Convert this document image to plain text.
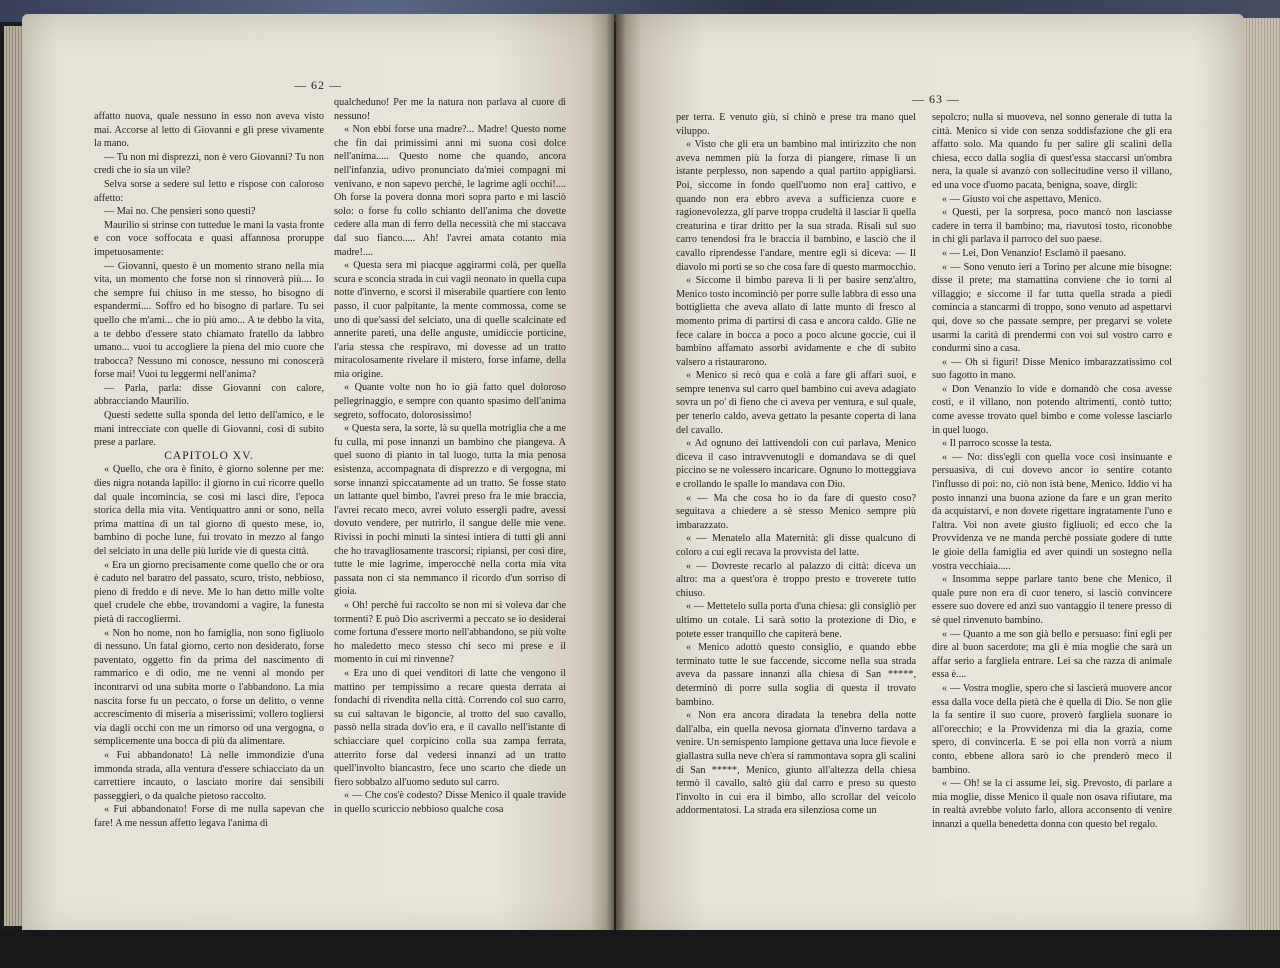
— 62 —

affatto nuova, quale nessuno in esso non aveva visto mai. Accorse al letto di Giovanni e gli prese vivamente la mano.

— Tu non mi disprezzi, non è vero Giovanni? Tu non credi che io sia un vile?

Selva sorse a sedere sul letto e rispose con caloroso affetto:

— Mai no. Che pensieri sono questi?

Maurilio si strinse con tuttedue le mani la vasta fronte e con voce soffocata e quasi affannosa proruppe impetuosamente:

— Giovanni, questo è un momento strano nella mia vita, un momento che forse non si rinnoverà più.... Io che sempre fui chiuso in me stesso, ho bisogno di espandermi.... Soffro ed ho bisogno di parlare. Tu sei quello che m'ami... che io più amo... A te debbo la vita, a te debbo d'essere stato chiamato fratello da labbro umano... vuoi tu accogliere la piena del mio cuore che trabocca? Nessuno mi conosce, nessuno mi conoscerà forse mai! Vuoi tu leggermi nell'anima?

— Parla, parla: disse Giovanni con calore, abbracciando Maurilio.

Questi sedette sulla sponda del letto dell'amico, e le mani intrecciate con quelle di Giovanni, così di subito prese a parlare.

CAPITOLO XV.

« Quello, che ora è finito, è giorno solenne per me: dies nigra notanda lapillo: il giorno in cui ricorre quello dal quale incomincia, se così mi lasci dire, l'epoca storica della mia vita. Ventiquattro anni or sono, nella prima mattina di un tal giorno di questo mese, io, bambino di poche lune, fui trovato in mezzo al fango del selciato in una delle più luride vie di questa città.

« Era un giorno precisamente come quello che or ora è caduto nel baratro del passato, scuro, tristo, nebbioso, pieno di freddo e di neve. Me lo han detto mille volte quel crudele che ebbe, trovandomi a vagire, la funesta pietà di raccogliermi.

« Non ho nome, non ho famiglia, non sono figliuolo di nessuno. Un fatal giorno, certo non desiderato, forse paventato, oggetto fin da prima del nascimento di rammarico e di odio, me ne venni al mondo per incontrarvi od una subita morte o l'abbandono. La mia nascita forse fu un peccato, o forse un delitto, o venne accrescimento di miseria a miserissimi; vollero togliersi via dagli occhi con me un rimorso od una vergogna, o semplicemente una bocca di più da alimentare.

« Fui abbandonato! Là nelle immondizie d'una immonda strada, alla ventura d'essere schiacciato da un carrettiere incauto, o lasciato morire dai sensibili passeggieri, o da qualche pietoso raccolto.

« Fui abbandonato! Forse di me nulla sapevan che fare! A me nessun affetto legava l'anima di

qualcheduno! Per me la natura non parlava al cuore di nessuno!

« Non ebbi forse una madre?... Madre! Questo nome che fin dai primissimi anni mi suona così dolce nell'anima..... Questo nome che quando, ancora nell'infanzia, udivo pronunciato da'miei compagni mi venivano, e non sapevo perchè, le lagrime agli occhi!.... Oh forse la povera donna morì sopra parto e mi lasciò solo: o forse fu collo schianto dell'anima che dovette cedere alla man di ferro della necessità che mi staccava dal suo fianco..... Ah! l'avrei amata cotanto mia madre!....

« Questa sera mi piacque aggirarmi colà, per quella scura e sconcia strada in cui vagii neonato in quella cupa notte d'inverno, e scorsi il miserabile quartiere con lento passo, il cuor palpitante, la mente commossa, come se uno di que'sassi del selciato, una di quelle scalcinate ed annerite pareti, una delle anguste, umidiccie porticine, l'aria stessa che respiravo, mi dovesse ad un tratto miracolosamente rivelare il mistero, forse infame, della mia origine.

« Quante volte non ho io già fatto quel doloroso pellegrinaggio, e sempre con quanto spasimo dell'anima segreto, soffocato, dolorosissimo!

« Questa sera, la sorte, là su quella motriglia che a me fu culla, mi pose innanzi un bambino che piangeva. A quel suono di pianto in tal luogo, tutta la mia penosa esistenza, accompagnata di disprezzo e di vergogna, mi sorse innanzi spiccatamente ad un tratto. Se fosse stato un lattante quel bimbo, l'avrei preso fra le mie braccia, l'avrei recato meco, avrei voluto essergli padre, avessi dovuto vendere, per nutrirlo, il sangue delle mie vene. Rivissi in pochi minuti la sintesi intiera di tutti gli anni che ho travagliosamente trascorsi; ripiansi, per così dire, tutte le mie lagrime, imperocchè nella corta mia vita passata non ci sta nemmanco il ricordo d'un sorriso di gioia.

« Oh! perchè fui raccolto se non mi si voleva dar che tormenti? E può Dio ascrivermi a peccato se io desiderai come fortuna d'essere morto nell'abbandono, se più volte ho maledetto meco stesso chi seco mi prese e il momento in cui mi rinvenne?

« Era uno di quei venditori di latte che vengono il mattino per tempissimo a recare questa derrata ai fondachi di rivendita nella città. Correndo col suo carro, su cui saltavan le bigoncie, al trotto del suo cavallo, passò nella strada dov'io era, e il cavallo nell'istante di schiacciare quel corpicino colla sua zampa ferrata, atterrito forse dal vedersi innanzi ad un tratto quell'involto biancastro, fece uno scarto che diede un fiero sobbalzo all'uomo seduto sul carro.

« — Che cos'è codesto? Disse Menico il quale travide in quello scuriccio nebbioso qualche cosa

— 63 —

per terra. E venuto giù, si chinò e prese tra mano quel viluppo.

« Visto che gli era un bambino mal intirizzito che non aveva nemmen più la forza di piangere, rimase lì un istante perplesso, non sapendo a qual partito appigliarsi. Poi, siccome in fondo quell'uomo non era] cattivo, e quando non era ebbro aveva a sufficienza cuore e ragionevolezza, gli parve troppa crudeltà il lasciar lì quella creaturina e tirar dritto per la sua strada. Risalì sul suo carro tenendosi fra le braccia il bambino, e lasciò che il cavallo riprendesse l'andare, mentre egli si diceva: — Il diavolo mi porti se so che cosa fare di questo marmocchio.

« Siccome il bimbo pareva lì lì per basire senz'altro, Menico tosto incominciò per porre sulle labbra di esso una bottiglietta che aveva allato di latte munto di fresco al momento prima di partirsi di casa e ancora caldo. Glie ne fece calare in bocca a poco a poco alcune goccie, cui il bambino affamato assorbì avidamente e che di subito valsero a ristaurarono.

« Menico si recò qua e colà a fare gli affari suoi, e sempre tenenva sul carro quel bambino cui aveva adagiato sovra un po' di fieno che ci aveva per ventura, e sul quale, per tenerlo caldo, aveva gettato la pesante coperta di lana del cavallo.

« Ad ognuno dei lattivendoli con cui parlava, Menico diceva il caso intravvenutogli e domandava se di quel piccino se ne volessero incaricare. Ognuno lo motteggiava e crollando le spalle lo mandava con Dio.

« — Ma che cosa ho io da fare di questo coso? seguitava a chiedere a sè stesso Menico sempre più imbarazzato.

« — Menatelo alla Maternità: gli disse qualcuno di coloro a cui egli recava la provvista del latte.

« — Dovreste recarlo al palazzo di città: diceva un altro: ma a quest'ora è troppo presto e troverete tutto chiuso.

« — Mettetelo sulla porta d'una chiesa: gli consigliò per ultimo un cotale. Lì sarà sotto la protezione di Dio, e potete esser tranquillo che capiterà bene.

« Menico adottò questo consiglio, e quando ebbe terminato tutte le sue faccende, siccome nella sua strada aveva da passare innanzi alla chiesa di San *****, determinò di porre sulla soglia di questa il trovato bambino.

« Non era ancora diradata la tenebra della notte dall'alba, ein quella nevosa giornata d'inverno tardava a venire. Un semispento lampione gettava una luce fievole e giallastra sulla neve ch'era si rammontava sopra gli scalini di San *****, Menico, giunto all'altezza della chiesa termò il cavallo, saltò giù dal carro e preso su questo l'involto in cui era il bimbo, allo scrollar del veicolo addormentatosi. La strada era silenziosa come un

sepolcro; nulla si muoveva, nel sonno generale di tutta la città. Menico si vide con senza soddisfazione che gli era affatto solo. Ma quando fu per salire gli scalini della chiesa, ecco dalla soglia di quest'essa staccarsi un'ombra nera, la quale si avanzò con sollecitudine verso il villano, ed una voce d'uomo pacata, benigna, soave, dirgli:

« — Giusto voi che aspettavo, Menico.

« Questi, per la sorpresa, poco mancò non lasciasse cadere in terra il bambino; ma, riavutosi tosto, riconobbe in chi gli parlava il parroco del suo paese.

« — Lei, Don Venanzio! Esclamò il paesano.

« — Sono venuto ieri a Torino per alcune mie bisogne: disse il prete; ma stamattina conviene che io torni al villaggio; e siccome il far tutta quella strada a piedi comincia a stancarmi di troppo, sono venuto ad aspettarvi qui, dove so che passate sempre, per pregarvi se volete usarmi la carità di prendermi con voi sul vostro carro e condurmi sino a casa.

« — Oh sì figuri! Disse Menico imbarazzatissimo col suo fagotto in mano.

« Don Venanzio lo vide e domandò che cosa avesse costì, e il villano, non potendo altrimenti, contò tutto; come avesse trovato quel bimbo e come volesse lasciarlo in quel luogo.

« Il parroco scosse la testa.

« — No: diss'egli con quella voce così insinuante e persuasiva, di cui dovevo ancor io sentire cotanto l'influsso di poi: no, ciò non istà bene, Menico. Iddio vi ha posto innanzi una buona azione da fare e un gran merito da acquistarvi, e non dovete rigettare ingratamente l'uno e l'altra. Voi non avete giusto figliuoli; ed ecco che la Provvidenza ve ne manda perchè possiate godere di tutte le gioie della famiglia ed aver quindi un sostegno nella vostra vecchiaia.....

« Insomma seppe parlare tanto bene che Menico, il quale pure non era di cuor tenero, si lasciò convincere essere suo dovere ed anzi suo vantaggio il tenere presso di sè quel rinvenuto bambino.

« — Quanto a me son già bello e persuaso: fini egli per dire al buon sacerdote; ma gli è mia moglie che sarà un affar serio a fargliela entrare. Lei sa che razza di animale essa è....

« — Vostra moglie, spero che si lascierà muovere ancor essa dalla voce della pietà che è quella di Dio. Se non glie la fa sentire il suo cuore, proverò fargliela suonare io all'orecchio; e la Provvidenza mi dia la grazia, come spero, di convincerla. E se poi ella non vorrà a nium conto, ebbene allora sarò io che prenderò meco il bambino.

« — Oh! se la ci assume lei, sig. Prevosto, di parlare a mia moglie, disse Menico il quale non osava rifiutare, ma in realtà avrebbe voluto farlo, allora acconsento di venire innanzi a quella benedetta donna con questo bel regalo.
